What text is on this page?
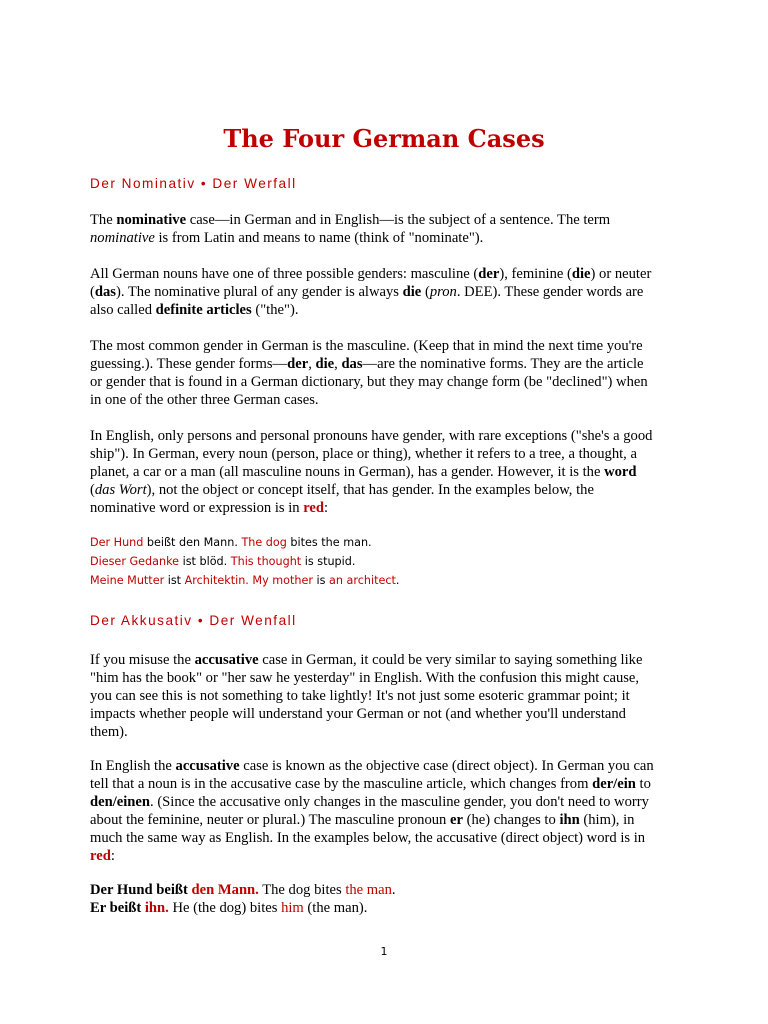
The Four German Cases
Der Nominativ • Der Werfall
The nominative case—in German and in English—is the subject of a sentence. The term
nominative is from Latin and means to name (think of "nominate").
All German nouns have one of three possible genders: masculine (der), feminine (die) or neuter
(das). The nominative plural of any gender is always die (pron. DEE). These gender words are
also called definite articles ("the").
The most common gender in German is the masculine. (Keep that in mind the next time you're
guessing.). These gender forms—der, die, das—are the nominative forms. They are the article
or gender that is found in a German dictionary, but they may change form (be "declined") when
in one of the other three German cases.
In English, only persons and personal pronouns have gender, with rare exceptions ("she's a good
ship"). In German, every noun (person, place or thing), whether it refers to a tree, a thought, a
planet, a car or a man (all masculine nouns in German), has a gender. However, it is the word
(das Wort), not the object or concept itself, that has gender. In the examples below, the
nominative word or expression is in red:
Der Hund beißt den Mann. The dog bites the man.
Dieser Gedanke ist blöd. This thought is stupid.
Meine Mutter ist Architektin. My mother is an architect.
Der Akkusativ • Der Wenfall
If you misuse the accusative case in German, it could be very similar to saying something like
"him has the book" or "her saw he yesterday" in English. With the confusion this might cause,
you can see this is not something to take lightly! It's not just some esoteric grammar point; it
impacts whether people will understand your German or not (and whether you'll understand
them).
In English the accusative case is known as the objective case (direct object). In German you can
tell that a noun is in the accusative case by the masculine article, which changes from der/ein to
den/einen. (Since the accusative only changes in the masculine gender, you don't need to worry
about the feminine, neuter or plural.) The masculine pronoun er (he) changes to ihn (him), in
much the same way as English. In the examples below, the accusative (direct object) word is in
red:
Der Hund beißt den Mann. The dog bites the man.
Er beißt ihn. He (the dog) bites him (the man).
1
